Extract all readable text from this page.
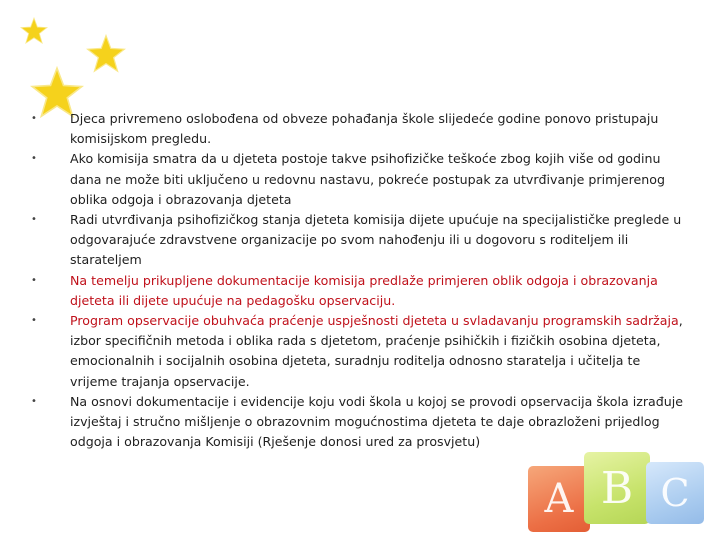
•	Djeca privremeno oslobođena od obveze pohađanja škole slijedeće godine ponovo pristupaju komisijskom pregledu.
•	Ako komisija smatra da u djeteta postoje takve psihofizičke teškoće zbog kojih više od godinu dana ne može biti uključeno u redovnu nastavu, pokreće postupak za utvrđivanje primjerenog oblika odgoja i obrazovanja djeteta
•	Radi utvrđivanja psihofizičkog stanja djeteta komisija dijete upućuje na specijalističke preglede u odgovarajuće zdravstvene organizacije po svom nahođenju ili u dogovoru s roditeljem ili starateljem
•	Na temelju prikupljene dokumentacije komisija predlaže primjeren oblik odgoja i obrazovanja djeteta ili dijete upućuje na pedagošku opservaciju.
•	Program opservacije obuhvaća praćenje uspješnosti djeteta u svladavanju programskih sadržaja, izbor specifičnih metoda i oblika rada s djetetom, praćenje psihičkih i fizičkih osobina djeteta, emocionalnih i socijalnih osobina djeteta, suradnju roditelja odnosno staratelja i učitelja te vrijeme trajanja opservacije.
•	Na osnovi dokumentacije i evidencije koju vodi škola u kojoj se provodi opservacija škola izrađuje izvještaj i stručno mišljenje o obrazovnim mogućnostima djeteta te daje obrazloženi prijedlog odgoja i obrazovanja Komisiji (Rješenje donosi ured za prosvjetu)
A B C
